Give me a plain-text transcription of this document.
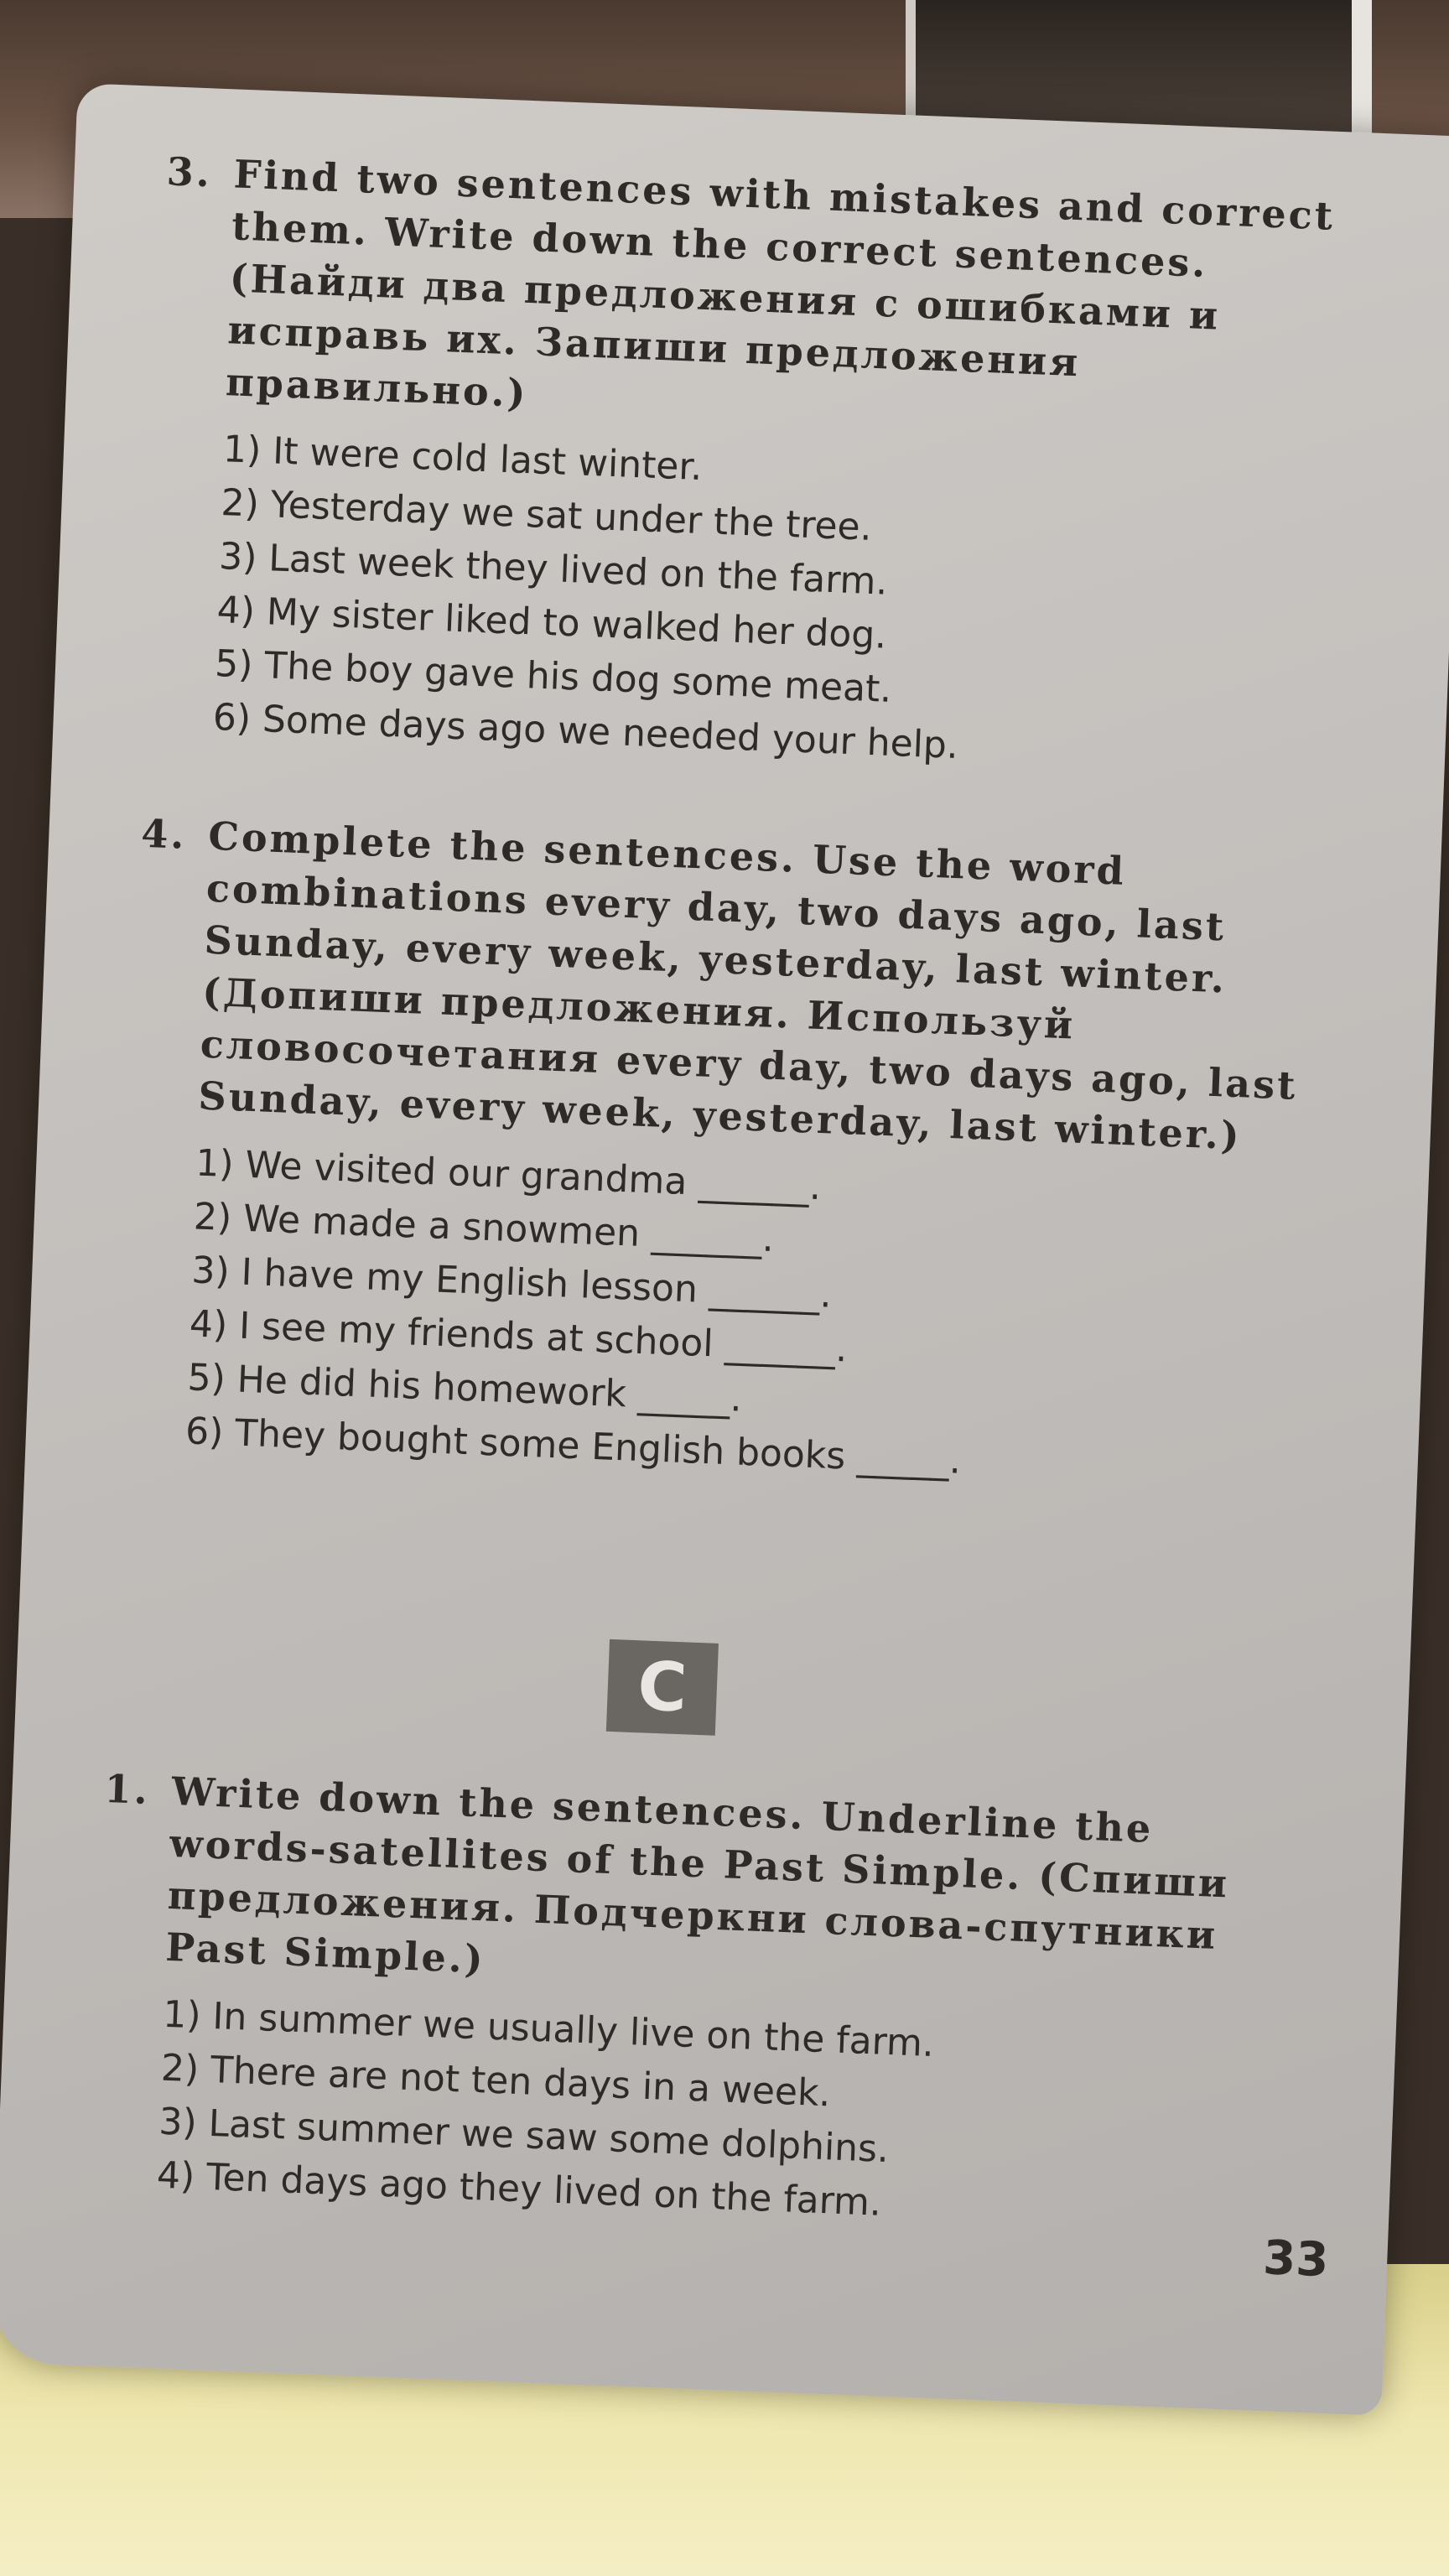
3. Find two sentences with mistakes and correct them. Write down the correct sentences. (Найди два предложения с ошибками и исправь их. Запиши предложения правильно.)
1) It were cold last winter.
2) Yesterday we sat under the tree.
3) Last week they lived on the farm.
4) My sister liked to walked her dog.
5) The boy gave his dog some meat.
6) Some days ago we needed your help.
4. Complete the sentences. Use the word combinations every day, two days ago, last Sunday, every week, yesterday, last winter. (Допиши предложения. Используй словосочетания every day, two days ago, last Sunday, every week, yesterday, last winter.)
1) We visited our grandma ______.
2) We made a snowmen ______.
3) I have my English lesson ______.
4) I see my friends at school ______.
5) He did his homework _____.
6) They bought some English books _____.
C
1. Write down the sentences. Underline the words-satellites of the Past Simple. (Спиши предложения. Подчеркни слова-спутники Past Simple.)
1) In summer we usually live on the farm.
2) There are not ten days in a week.
3) Last summer we saw some dolphins.
4) Ten days ago they lived on the farm.
33
